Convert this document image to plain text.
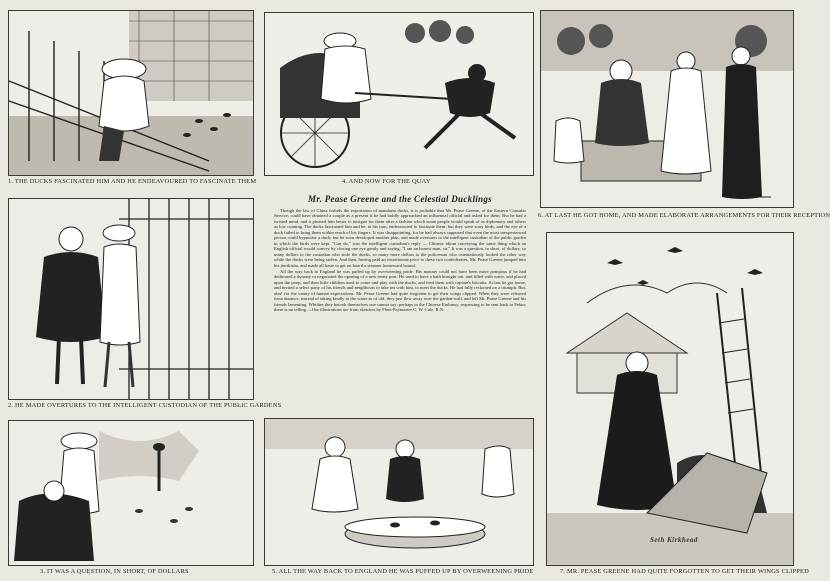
1. THE DUCKS FASCINATED HIM AND HE ENDEAVOURED TO FASCINATE THEM
2. HE MADE OVERTURES TO THE INTELLIGENT CUSTODIAN OF THE PUBLIC GARDENS
3. IT WAS A QUESTION, IN SHORT, OF DOLLARS
4. AND NOW FOR THE QUAY
Mr. Pease Greene and the Celestial Ducklings

Though the law of China forbids the exportation of mandarin ducks, it is probable that Mr. Pease Greene, of the Eastern Consular Service, could have obtained a couple as a present if he had boldly approached an influential official and asked for them. But he had a twisted mind, and it pleased him better to intrigue for them after a fashion which some people would speak of as diplomacy and others as low cunning. The ducks fascinated him and he, in his turn, endeavoured to fascinate them; but they were wary birds, and the eye of a duck failed to bring them within reach of his fingers. It was disappointing, for he had always supposed that even the most inexperienced person could hypnotise a duck; but he soon developed another plan, and made overtures to the intelligent custodian of the public garden in which the birds were kept. "Can do," was the intelligent custodian's reply — Chinese idiom conveying the same thing which an English official would convey by closing one eye gently and saying, "I am an honest man, sir." It was a question, in short, of dollars: so many dollars to the custodian who stole the ducks, so many more dollars to the policeman who ostentatiously looked the other way while the ducks were being stolen. And then, having paid an extortionate price to these two confederates, Mr. Pease Greene jumped into his jinrikisha, and made all haste to get on board a steamer homeward bound.

All the way back to England he was puffed up by overweening pride. His manner could not have been more pompous if he had dethroned a dynasty or negotiated the opening of a new treaty port. He used to have a bath brought out, and filled with water, and placed upon the poop, and then little children used to come and play with the ducks, and feed them with captain's biscuits. At last he got home, and invited a select party of his friends and neighbours to take tea with him, to meet the ducks. He had fully reckoned on a triumph. But, alas! for the vanity of human expectations. Mr. Pease Greene had quite forgotten to get their wings clipped. When they were released from durance, instead of taking kindly to the water as of old, they just flew away over the garden-wall, and left Mr. Pease Greene and his friends lamenting. Whither they betook themselves one cannot say: perhaps to the Chinese Embassy, requesting to be sent back to Pekin; there is no telling.—Our illustrations are from sketches by Fleet-Paymaster C. W. Cole, R.N.

5. ALL THE WAY BACK TO ENGLAND HE WAS PUFFED UP BY OVERWEENING PRIDE
6. AT LAST HE GOT HOME, AND MADE ELABORATE ARRANGEMENTS FOR THEIR RECEPTION
Seth Kirkhead
7. MR. PEASE GREENE HAD QUITE FORGOTTEN TO GET THEIR WINGS CLIPPED
